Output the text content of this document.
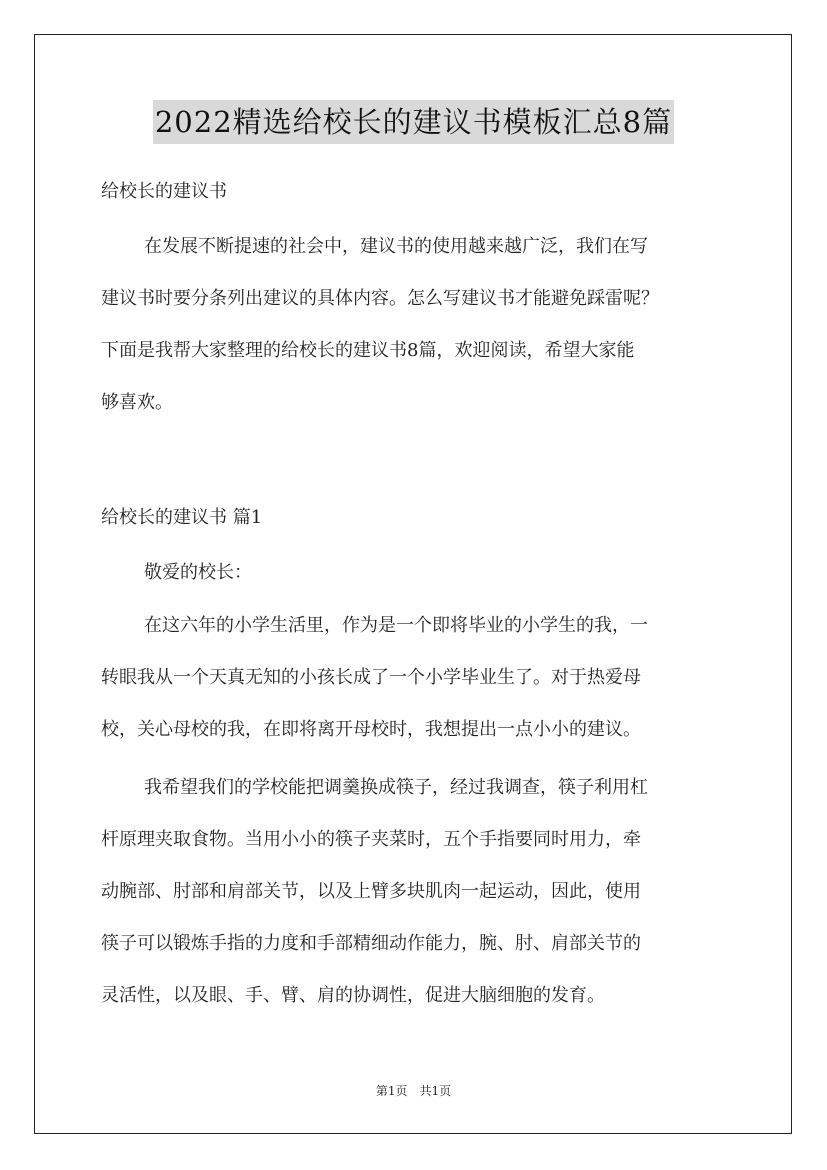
2022精选给校长的建议书模板汇总8篇
给校长的建议书
在发展不断提速的社会中，建议书的使用越来越广泛，我们在写
建议书时要分条列出建议的具体内容。怎么写建议书才能避免踩雷呢？
下面是我帮大家整理的给校长的建议书8篇，欢迎阅读，希望大家能
够喜欢。
给校长的建议书 篇1
敬爱的校长：
在这六年的小学生活里，作为是一个即将毕业的小学生的我，一
转眼我从一个天真无知的小孩长成了一个小学毕业生了。对于热爱母
校，关心母校的我，在即将离开母校时，我想提出一点小小的建议。
我希望我们的学校能把调羹换成筷子，经过我调查，筷子利用杠
杆原理夹取食物。当用小小的筷子夹菜时，五个手指要同时用力，牵
动腕部、肘部和肩部关节，以及上臂多块肌肉一起运动，因此，使用
筷子可以锻炼手指的力度和手部精细动作能力，腕、肘、肩部关节的
灵活性，以及眼、手、臂、肩的协调性，促进大脑细胞的发育。
第1页　共1页
